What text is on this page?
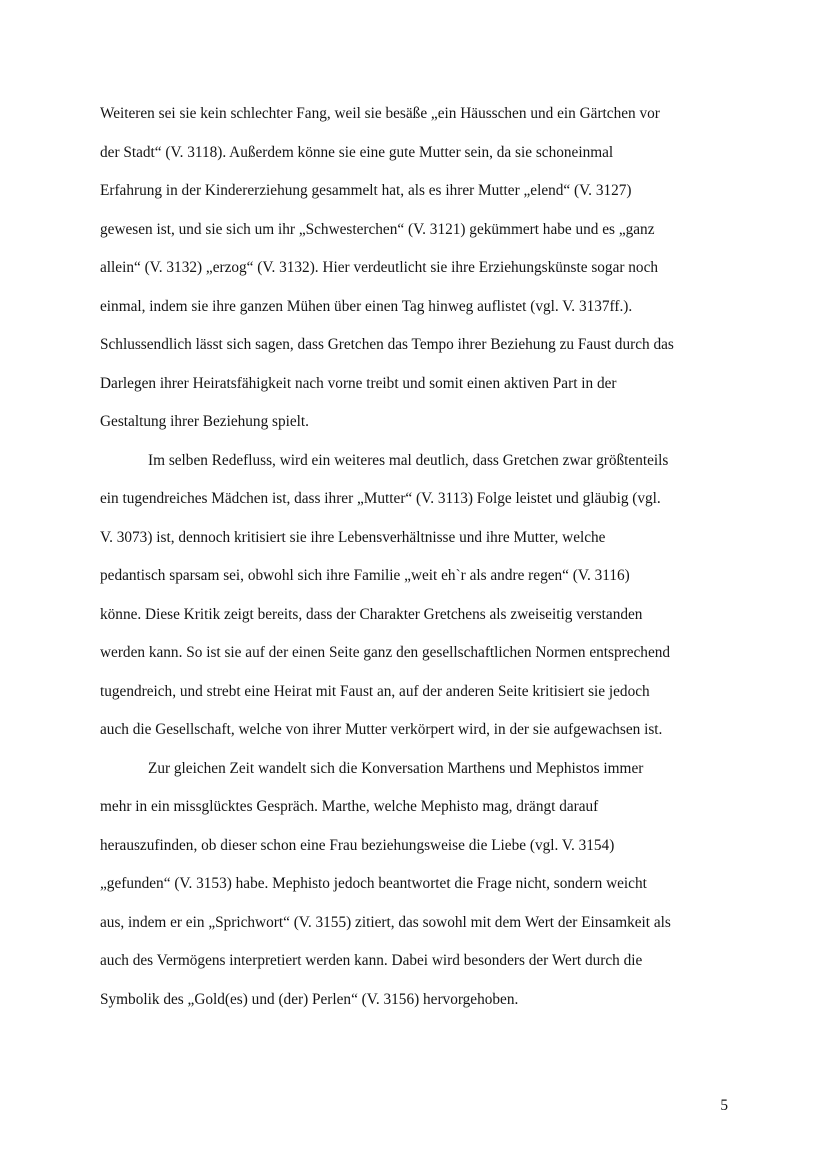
Weiteren sei sie kein schlechter Fang, weil sie besäße „ein Häusschen und ein Gärtchen vor
der Stadt“ (V. 3118). Außerdem könne sie eine gute Mutter sein, da sie schoneinmal
Erfahrung in der Kindererziehung gesammelt hat, als es ihrer Mutter „elend“ (V. 3127)
gewesen ist, und sie sich um ihr „Schwesterchen“ (V. 3121) gekümmert habe und es „ganz
allein“ (V. 3132) „erzog“ (V. 3132). Hier verdeutlicht sie ihre Erziehungskünste sogar noch
einmal, indem sie ihre ganzen Mühen über einen Tag hinweg auflistet (vgl. V. 3137ff.).
Schlussendlich lässt sich sagen, dass Gretchen das Tempo ihrer Beziehung zu Faust durch das
Darlegen ihrer Heiratsfähigkeit nach vorne treibt und somit einen aktiven Part in der
Gestaltung ihrer Beziehung spielt.
Im selben Redefluss, wird ein weiteres mal deutlich, dass Gretchen zwar größtenteils
ein tugendreiches Mädchen ist, dass ihrer „Mutter“ (V. 3113) Folge leistet und gläubig (vgl.
V. 3073) ist, dennoch kritisiert sie ihre Lebensverhältnisse und ihre Mutter, welche
pedantisch sparsam sei, obwohl sich ihre Familie „weit eh`r als andre regen“ (V. 3116)
könne. Diese Kritik zeigt bereits, dass der Charakter Gretchens als zweiseitig verstanden
werden kann. So ist sie auf der einen Seite ganz den gesellschaftlichen Normen entsprechend
tugendreich, und strebt eine Heirat mit Faust an, auf der anderen Seite kritisiert sie jedoch
auch die Gesellschaft, welche von ihrer Mutter verkörpert wird, in der sie aufgewachsen ist.
Zur gleichen Zeit wandelt sich die Konversation Marthens und Mephistos immer
mehr in ein missglücktes Gespräch. Marthe, welche Mephisto mag, drängt darauf
herauszufinden, ob dieser schon eine Frau beziehungsweise die Liebe (vgl. V. 3154)
„gefunden“ (V. 3153) habe. Mephisto jedoch beantwortet die Frage nicht, sondern weicht
aus, indem er ein „Sprichwort“ (V. 3155) zitiert, das sowohl mit dem Wert der Einsamkeit als
auch des Vermögens interpretiert werden kann. Dabei wird besonders der Wert durch die
Symbolik des „Gold(es) und (der) Perlen“ (V. 3156) hervorgehoben.
5
